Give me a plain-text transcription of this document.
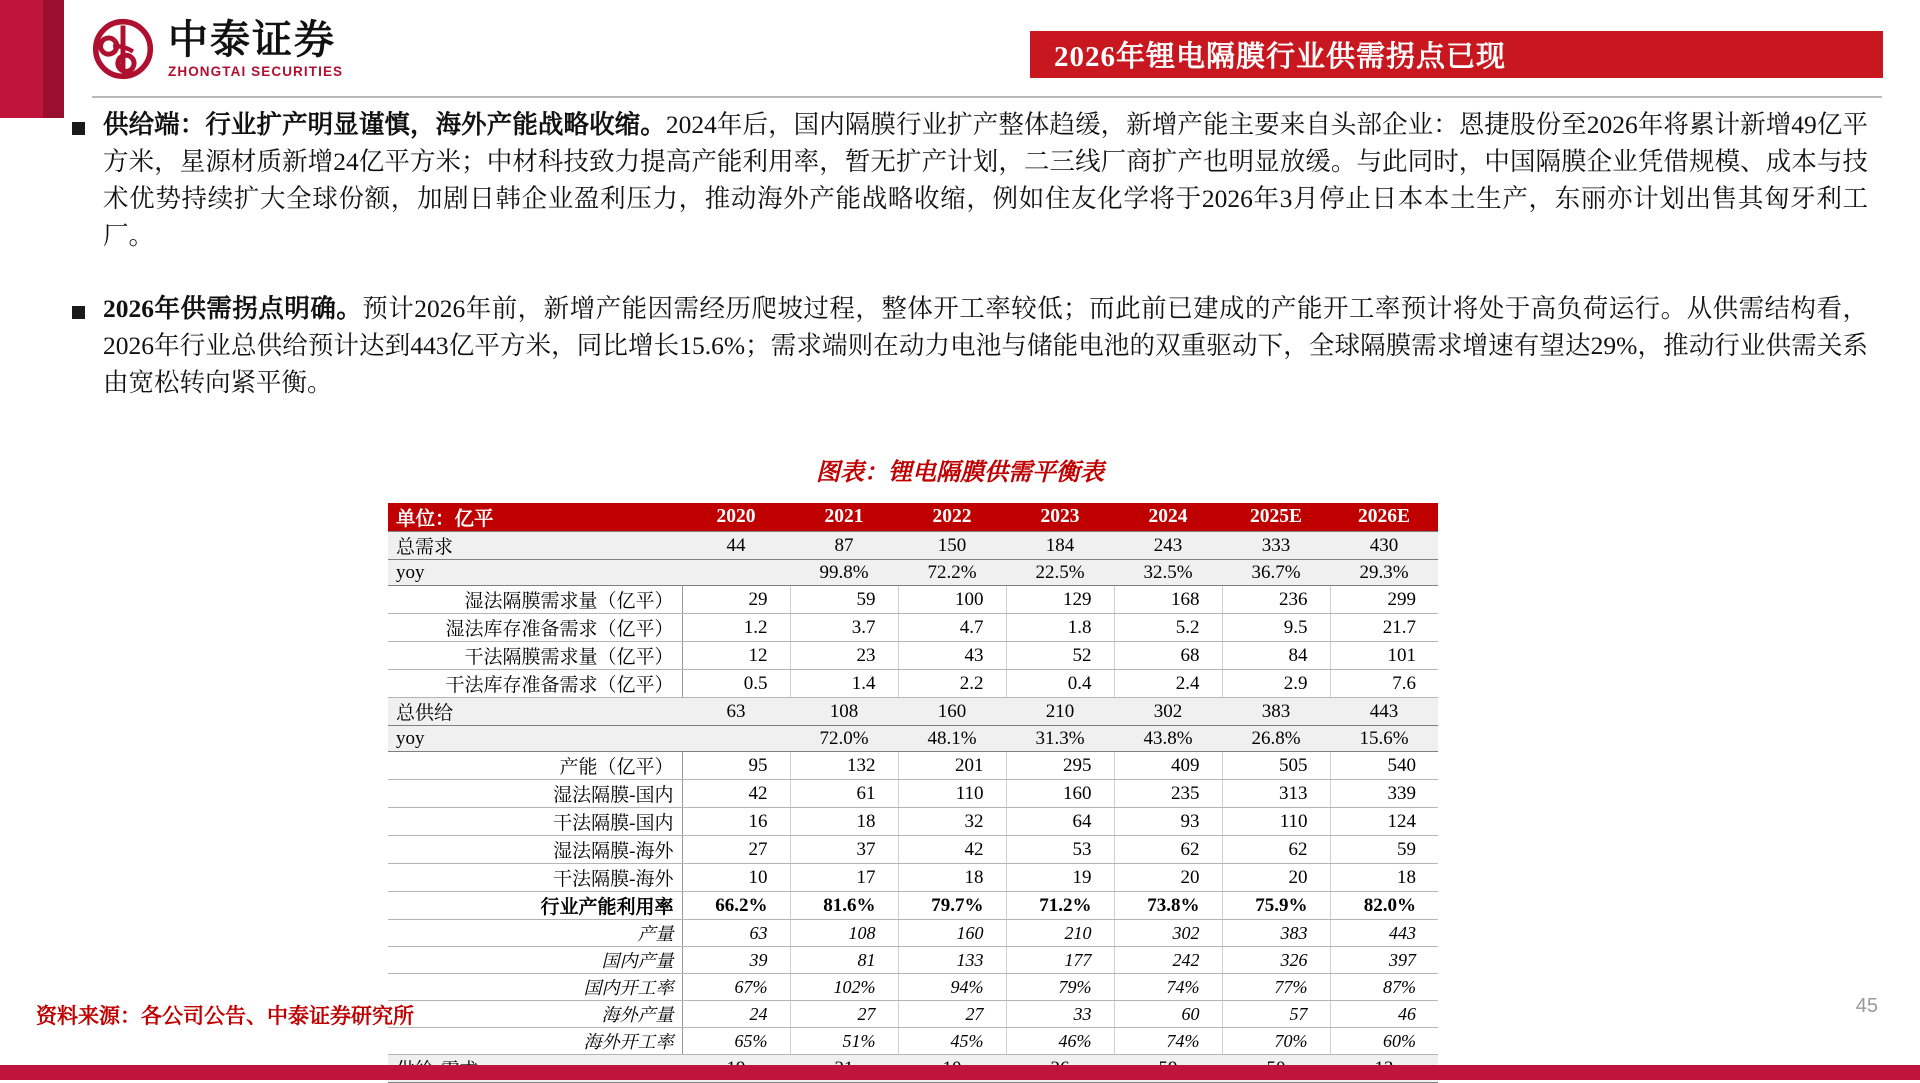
中泰证券
ZHONGTAI SECURITIES	2026年锂电隔膜行业供需拐点已现
供给端：行业扩产明显谨慎，海外产能战略收缩。2024年后，国内隔膜行业扩产整体趋缓，新增产能主要来自头部企业：恩捷股份至2026年将累计新增49亿平方米，星源材质新增24亿平方米；中材科技致力提高产能利用率，暂无扩产计划，二三线厂商扩产也明显放缓。与此同时，中国隔膜企业凭借规模、成本与技术优势持续扩大全球份额，加剧日韩企业盈利压力，推动海外产能战略收缩，例如住友化学将于2026年3月停止日本本土生产，东丽亦计划出售其匈牙利工厂。
2026年供需拐点明确。预计2026年前，新增产能因需经历爬坡过程，整体开工率较低；而此前已建成的产能开工率预计将处于高负荷运行。从供需结构看，2026年行业总供给预计达到443亿平方米，同比增长15.6%；需求端则在动力电池与储能电池的双重驱动下，全球隔膜需求增速有望达29%，推动行业供需关系由宽松转向紧平衡。
图表：锂电隔膜供需平衡表
单位：亿平	2020	2021	2022	2023	2024	2025E	2026E
总需求	44	87	150	184	243	333	430
yoy		99.8%	72.2%	22.5%	32.5%	36.7%	29.3%
湿法隔膜需求量（亿平）	29	59	100	129	168	236	299
湿法库存准备需求（亿平）	1.2	3.7	4.7	1.8	5.2	9.5	21.7
干法隔膜需求量（亿平）	12	23	43	52	68	84	101
干法库存准备需求（亿平）	0.5	1.4	2.2	0.4	2.4	2.9	7.6
总供给	63	108	160	210	302	383	443
yoy		72.0%	48.1%	31.3%	43.8%	26.8%	15.6%
产能（亿平）	95	132	201	295	409	505	540
湿法隔膜-国内	42	61	110	160	235	313	339
干法隔膜-国内	16	18	32	64	93	110	124
湿法隔膜-海外	27	37	42	53	62	62	59
干法隔膜-海外	10	17	18	19	20	20	18
行业产能利用率	66.2%	81.6%	79.7%	71.2%	73.8%	75.9%	82.0%
产量	63	108	160	210	302	383	443
国内产量	39	81	133	177	242	326	397
国内开工率	67%	102%	94%	79%	74%	77%	87%
海外产量	24	27	27	33	60	57	46
海外开工率	65%	51%	45%	46%	74%	70%	60%

资料来源：各公司公告、中泰证券研究所	45
